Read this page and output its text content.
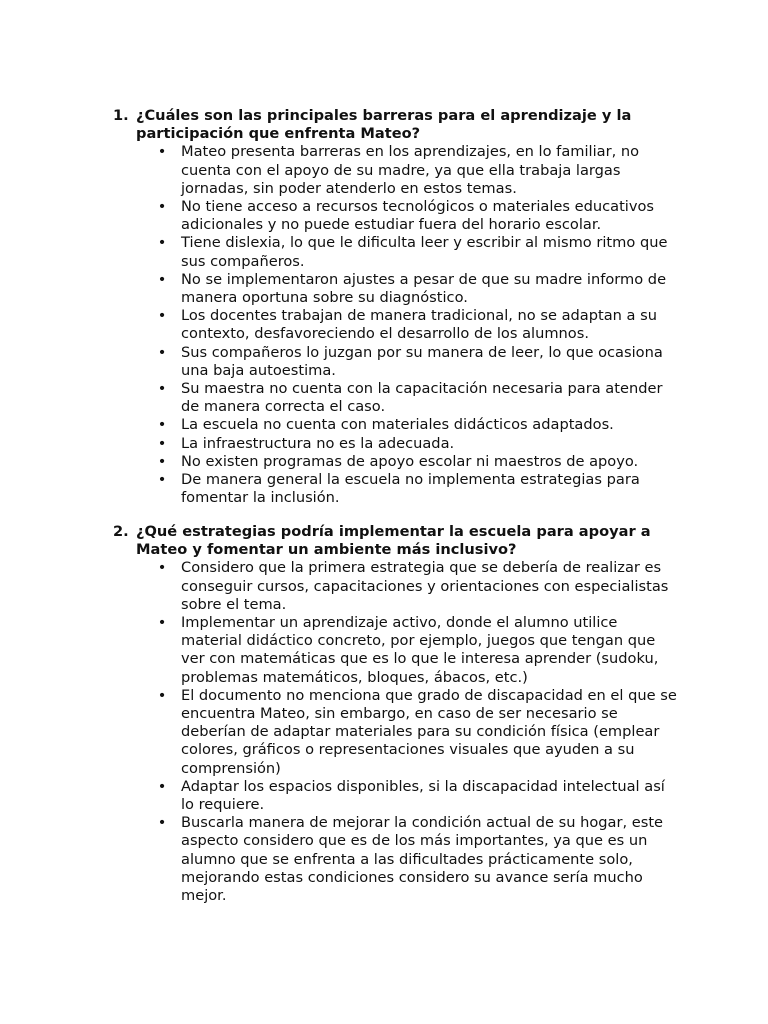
1. ¿Cuáles son las principales barreras para el aprendizaje y la
participación que enfrenta Mateo?
• Mateo presenta barreras en los aprendizajes, en lo familiar, no cuenta con el apoyo de su madre, ya que ella trabaja largas jornadas, sin poder atenderlo en estos temas.
• No tiene acceso a recursos tecnológicos o materiales educativos adicionales y no puede estudiar fuera del horario escolar.
• Tiene dislexia, lo que le dificulta leer y escribir al mismo ritmo que sus compañeros.
• No se implementaron ajustes a pesar de que su madre informo de manera oportuna sobre su diagnóstico.
• Los docentes trabajan de manera tradicional, no se adaptan a su contexto, desfavoreciendo el desarrollo de los alumnos.
• Sus compañeros lo juzgan por su manera de leer, lo que ocasiona una baja autoestima.
• Su maestra no cuenta con la capacitación necesaria para atender de manera correcta el caso.
• La escuela no cuenta con materiales didácticos adaptados.
• La infraestructura no es la adecuada.
• No existen programas de apoyo escolar ni maestros de apoyo.
• De manera general la escuela no implementa estrategias para fomentar la inclusión.
2. ¿Qué estrategias podría implementar la escuela para apoyar a
Mateo y fomentar un ambiente más inclusivo?
• Considero que la primera estrategia que se debería de realizar es conseguir cursos, capacitaciones y orientaciones con especialistas sobre el tema.
• Implementar un aprendizaje activo, donde el alumno utilice material didáctico concreto, por ejemplo, juegos que tengan que ver con matemáticas que es lo que le interesa aprender (sudoku, problemas matemáticos, bloques, ábacos, etc.)
• El documento no menciona que grado de discapacidad en el que se encuentra Mateo, sin embargo, en caso de ser necesario se deberían de adaptar materiales para su condición física (emplear colores, gráficos o representaciones visuales que ayuden a su comprensión)
• Adaptar los espacios disponibles, si la discapacidad intelectual así lo requiere.
• Buscarla manera de mejorar la condición actual de su hogar, este aspecto considero que es de los más importantes, ya que es un alumno que se enfrenta a las dificultades prácticamente solo, mejorando estas condiciones considero su avance sería mucho mejor.
